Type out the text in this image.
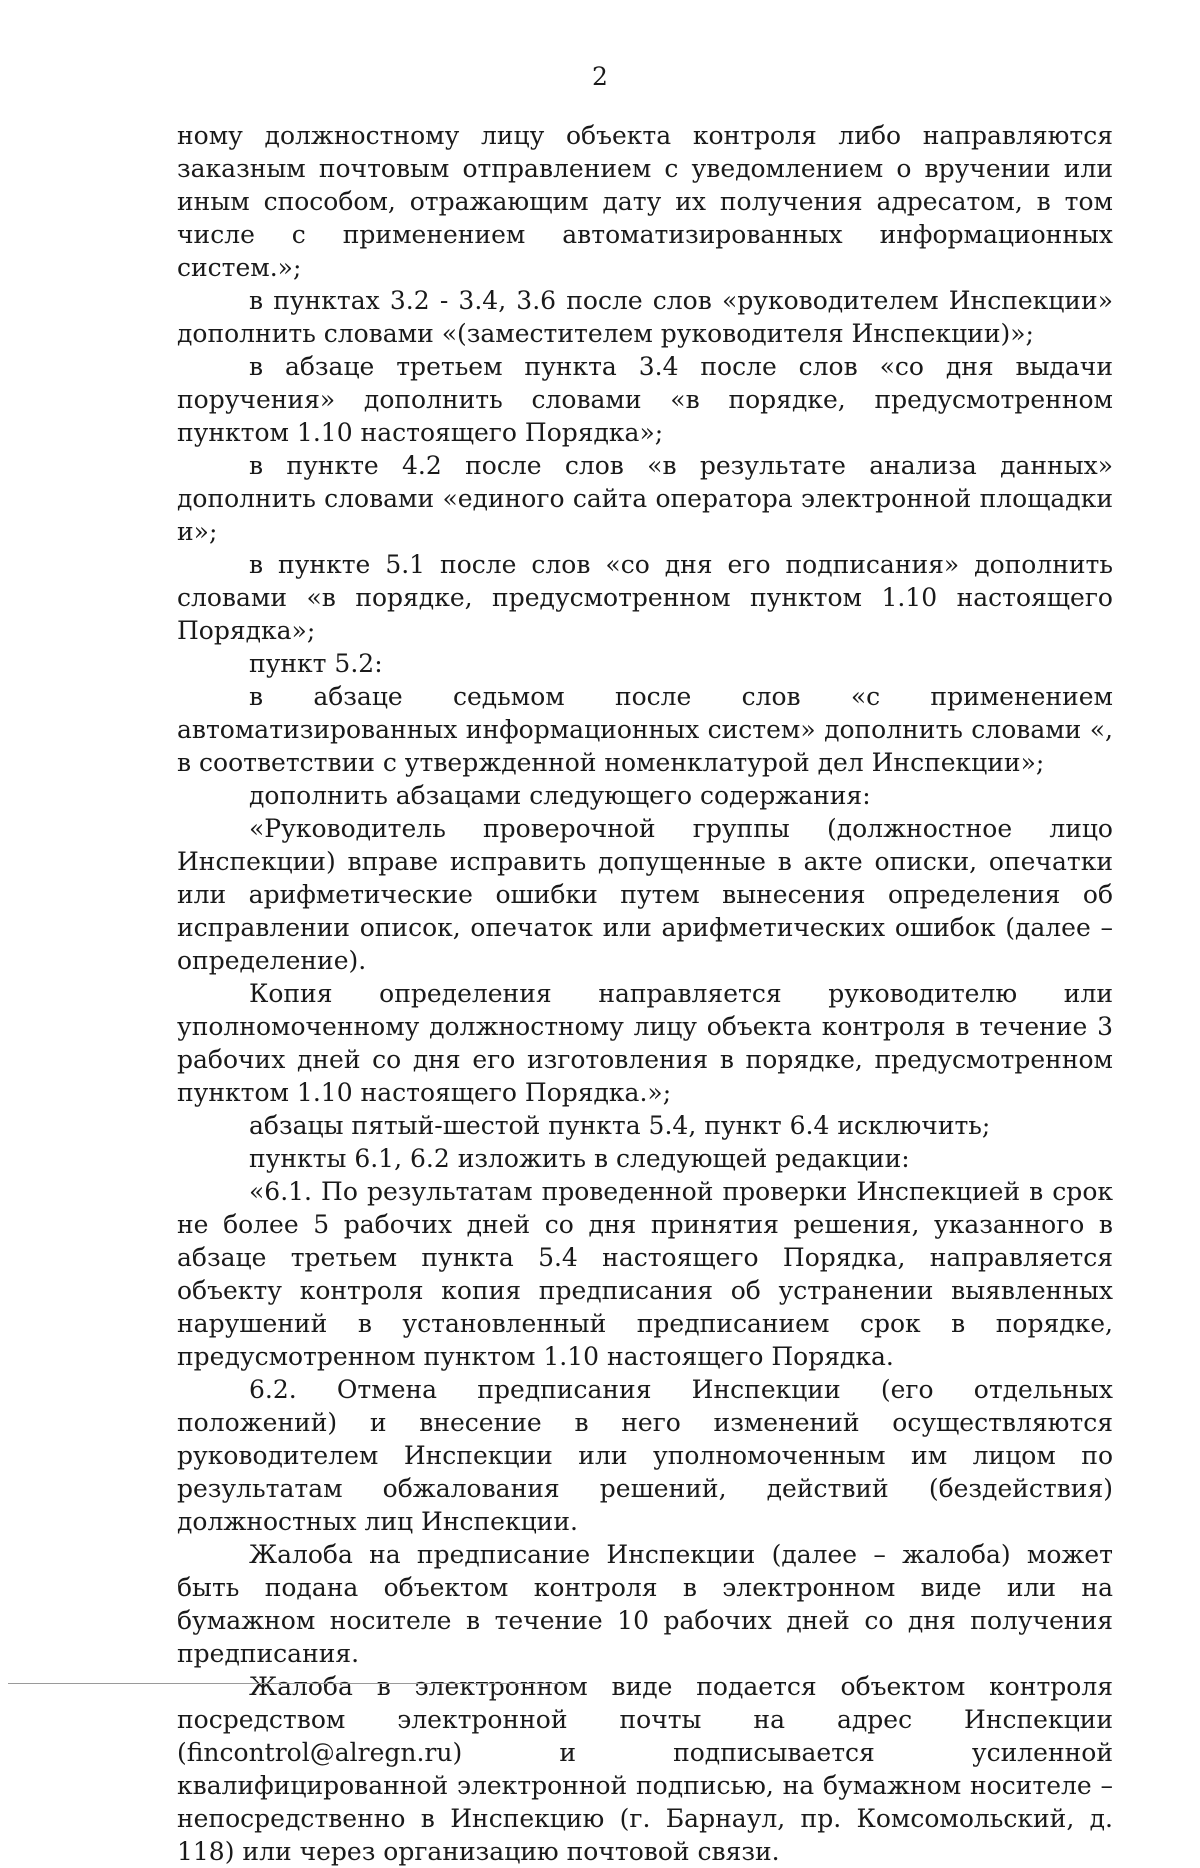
2

ному должностному лицу объекта контроля либо направляются заказным почтовым отправлением с уведомлением о вручении или иным способом, отражающим дату их получения адресатом, в том числе с применением автоматизированных информационных систем.»;

в пунктах 3.2 - 3.4, 3.6 после слов «руководителем Инспекции» дополнить словами «(заместителем руководителя Инспекции)»;

в абзаце третьем пункта 3.4 после слов «со дня выдачи поручения» дополнить словами «в порядке, предусмотренном пунктом 1.10 настоящего Порядка»;

в пункте 4.2 после слов «в результате анализа данных» дополнить словами «единого сайта оператора электронной площадки и»;

в пункте 5.1 после слов «со дня его подписания» дополнить словами «в порядке, предусмотренном пунктом 1.10 настоящего Порядка»;

пункт 5.2:

в абзаце седьмом после слов «с применением автоматизированных информационных систем» дополнить словами «, в соответствии с утвержденной номенклатурой дел Инспекции»;

дополнить абзацами следующего содержания:

«Руководитель проверочной группы (должностное лицо Инспекции) вправе исправить допущенные в акте описки, опечатки или арифметические ошибки путем вынесения определения об исправлении описок, опечаток или арифметических ошибок (далее – определение).

Копия определения направляется руководителю или уполномоченному должностному лицу объекта контроля в течение 3 рабочих дней со дня его изготовления в порядке, предусмотренном пунктом 1.10 настоящего Порядка.»;

абзацы пятый-шестой пункта 5.4, пункт 6.4 исключить;

пункты 6.1, 6.2 изложить в следующей редакции:

«6.1. По результатам проведенной проверки Инспекцией в срок не более 5 рабочих дней со дня принятия решения, указанного в абзаце третьем пункта 5.4 настоящего Порядка, направляется объекту контроля копия предписания об устранении выявленных нарушений в установленный предписанием срок в порядке, предусмотренном пунктом 1.10 настоящего Порядка.

6.2. Отмена предписания Инспекции (его отдельных положений) и внесение в него изменений осуществляются руководителем Инспекции или уполномоченным им лицом по результатам обжалования решений, действий (бездействия) должностных лиц Инспекции.

Жалоба на предписание Инспекции (далее – жалоба) может быть подана объектом контроля в электронном виде или на бумажном носителе в течение 10 рабочих дней со дня получения предписания.

Жалоба в электронном виде подается объектом контроля посредством электронной почты на адрес Инспекции (fincontrol@alregn.ru) и подписывается усиленной квалифицированной электронной подписью, на бумажном носителе – непосредственно в Инспекцию (г. Барнаул, пр. Комсомольский, д. 118) или через организацию почтовой связи.
